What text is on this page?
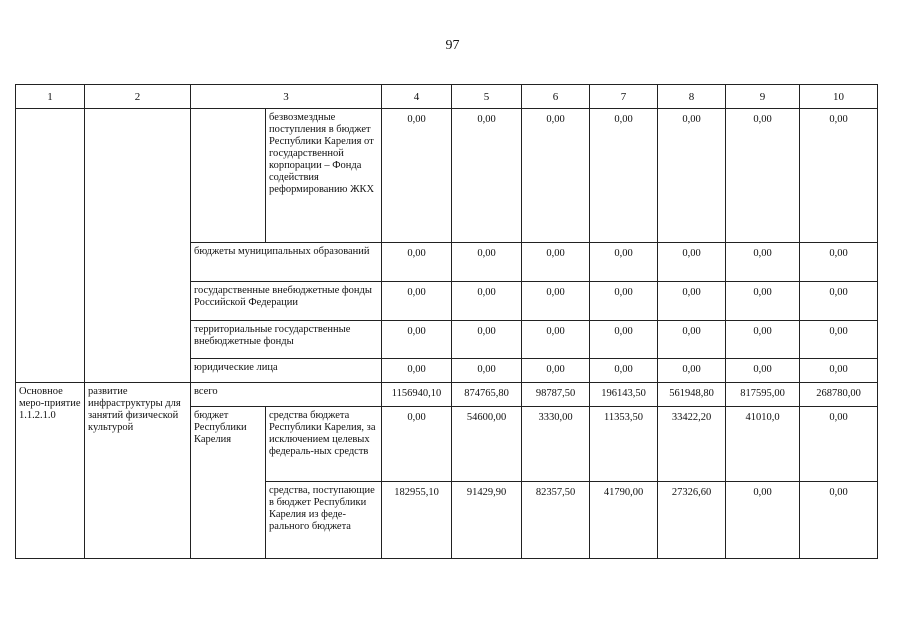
97
1	2	3		4	5	6	7	8	9	10
			безвозмездные поступления в бюджет Республики Карелия от государственной корпорации – Фонда содействия реформированию ЖКХ	0,00	0,00	0,00	0,00	0,00	0,00	0,00
		бюджеты муниципальных образований		0,00	0,00	0,00	0,00	0,00	0,00	0,00
		государственные внебюджетные фонды Российской Федерации		0,00	0,00	0,00	0,00	0,00	0,00	0,00
		территориальные государственные внебюджетные фонды		0,00	0,00	0,00	0,00	0,00	0,00	0,00
		юридические лица		0,00	0,00	0,00	0,00	0,00	0,00	0,00
Основное меро-приятие 1.1.2.1.0	развитие инфраструктуры для занятий физической культурой	всего		1156940,10	874765,80	98787,50	196143,50	561948,80	817595,00	268780,00
		бюджет Республики Карелия	средства бюджета Республики Карелия, за исключением целевых федераль-ных средств	0,00	54600,00	3330,00	11353,50	33422,20	41010,0	0,00
			средства, поступающие в бюджет Республики Карелия из феде-рального бюджета	182955,10	91429,90	82357,50	41790,00	27326,60	0,00	0,00
